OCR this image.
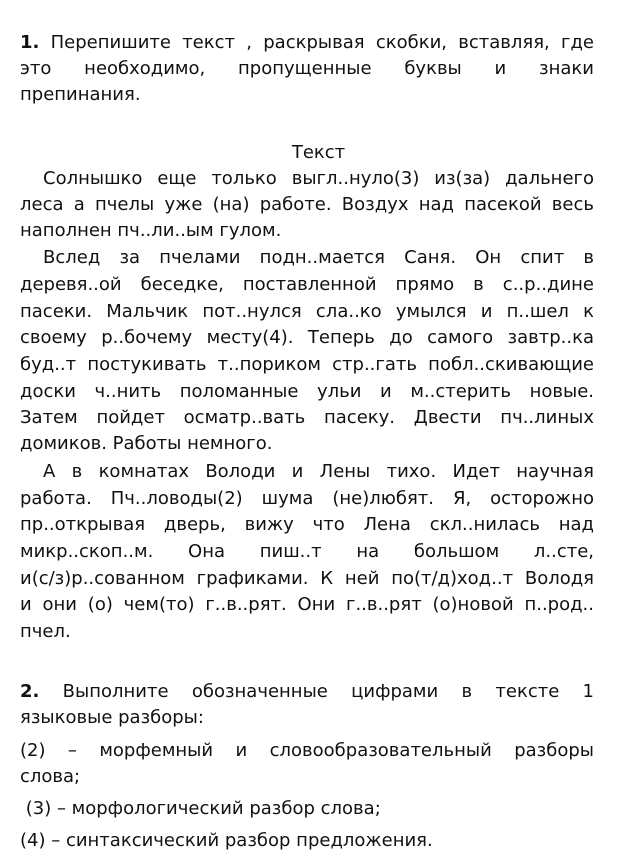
1. Перепишите текст , раскрывая скобки, вставляя, где
это необходимо, пропущенные буквы и знаки
препинания.
Текст
Солнышко еще только выгл..нуло(3) из(за) дальнего
леса а пчелы уже (на) работе. Воздух над пасекой весь
наполнен пч..ли..ым гулом.
Вслед за пчелами подн..мается Саня. Он спит в
деревя..ой беседке, поставленной прямо в с..р..дине
пасеки. Мальчик пот..нулся сла..ко умылся и п..шел к
своему р..бочему месту(4). Теперь до самого завтр..ка
буд..т постукивать т..пориком стр..гать побл..скивающие
доски ч..нить поломанные ульи и м..стерить новые.
Затем пойдет осматр..вать пасеку. Двести пч..линых
домиков. Работы немного.
А в комнатах Володи и Лены тихо. Идет научная
работа. Пч..ловоды(2) шума (не)любят. Я, осторожно
пр..открывая дверь, вижу что Лена скл..нилась над
микр..скоп..м. Она пиш..т на большом л..сте,
и(с/з)р..сованном графиками. К ней по(т/д)ход..т Володя
и они (о) чем(то) г..в..рят. Они г..в..рят (о)новой п..род..
пчел.
2. Выполните обозначенные цифрами в тексте 1
языковые разборы:
(2) – морфемный и словообразовательный разборы
слова;
(3) – морфологический разбор слова;
(4) – синтаксический разбор предложения.
